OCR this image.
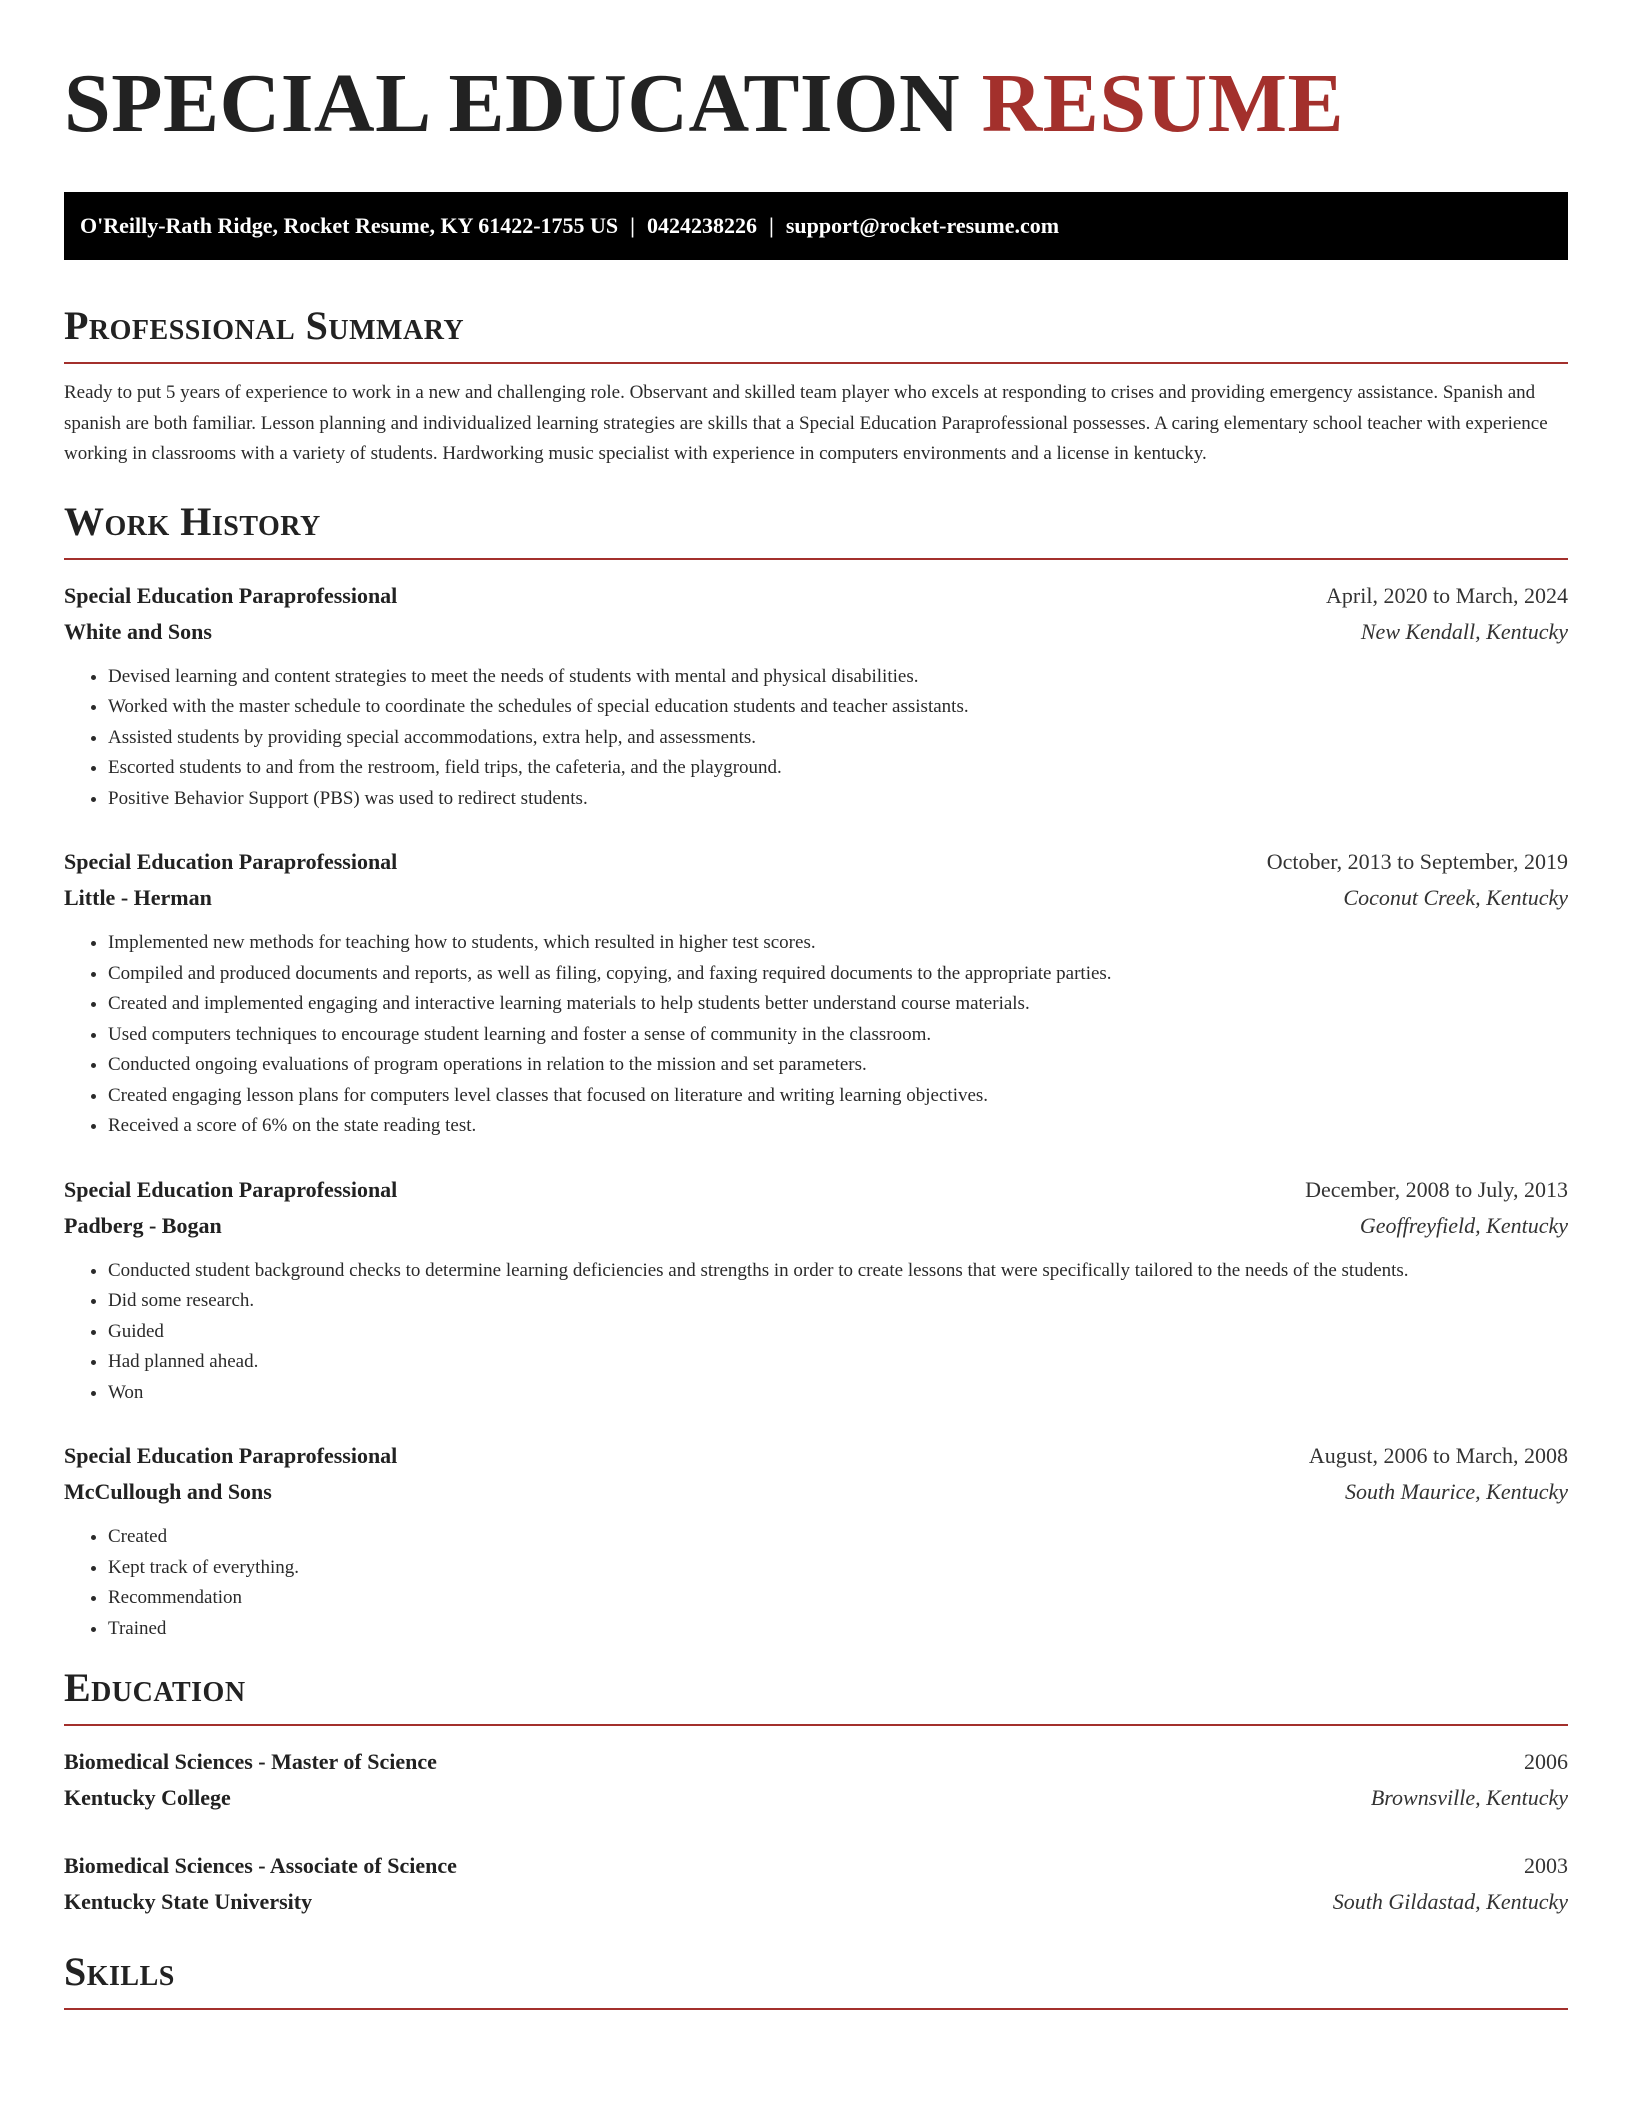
SPECIAL EDUCATION RESUME
O'Reilly-Rath Ridge, Rocket Resume, KY 61422-1755 US | 0424238226 | support@rocket-resume.com
Professional Summary

Ready to put 5 years of experience to work in a new and challenging role. Observant and skilled team player who excels at responding to crises and providing emergency assistance. Spanish and spanish are both familiar. Lesson planning and individualized learning strategies are skills that a Special Education Paraprofessional possesses. A caring elementary school teacher with experience working in classrooms with a variety of students. Hardworking music specialist with experience in computers environments and a license in kentucky.

Work History
Special Education Paraprofessional	April, 2020 to March, 2024
White and Sons	New Kendall, Kentucky
• Devised learning and content strategies to meet the needs of students with mental and physical disabilities.
• Worked with the master schedule to coordinate the schedules of special education students and teacher assistants.
• Assisted students by providing special accommodations, extra help, and assessments.
• Escorted students to and from the restroom, field trips, the cafeteria, and the playground.
• Positive Behavior Support (PBS) was used to redirect students.
Special Education Paraprofessional	October, 2013 to September, 2019
Little - Herman	Coconut Creek, Kentucky
• Implemented new methods for teaching how to students, which resulted in higher test scores.
• Compiled and produced documents and reports, as well as filing, copying, and faxing required documents to the appropriate parties.
• Created and implemented engaging and interactive learning materials to help students better understand course materials.
• Used computers techniques to encourage student learning and foster a sense of community in the classroom.
• Conducted ongoing evaluations of program operations in relation to the mission and set parameters.
• Created engaging lesson plans for computers level classes that focused on literature and writing learning objectives.
• Received a score of 6% on the state reading test.
Special Education Paraprofessional	December, 2008 to July, 2013
Padberg - Bogan	Geoffreyfield, Kentucky
• Conducted student background checks to determine learning deficiencies and strengths in order to create lessons that were specifically tailored to the needs of the students.
• Did some research.
• Guided
• Had planned ahead.
• Won
Special Education Paraprofessional	August, 2006 to March, 2008
McCullough and Sons	South Maurice, Kentucky
• Created
• Kept track of everything.
• Recommendation
• Trained
Education
Biomedical Sciences - Master of Science	2006
Kentucky College	Brownsville, Kentucky
Biomedical Sciences - Associate of Science	2003
Kentucky State University	South Gildastad, Kentucky
Skills
